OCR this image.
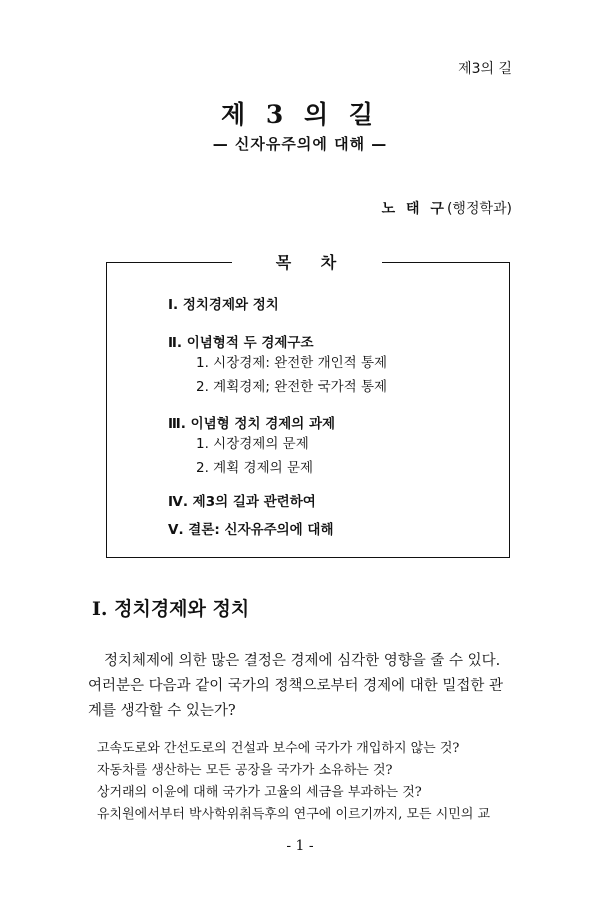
제3의 길
제 3 의 길
— 신자유주의에 대해 —
노 태 구(행정학과)
목 차
Ⅰ. 정치경제와 정치
Ⅱ. 이념형적 두 경제구조
1. 시장경제: 완전한 개인적 통제
2. 계획경제; 완전한 국가적 통제
Ⅲ. 이념형 정치 경제의 과제
1. 시장경제의 문제
2. 계획 경제의 문제
Ⅳ. 제3의 길과 관련하여
Ⅴ. 결론: 신자유주의에 대해
Ⅰ. 정치경제와 정치
정치체제에 의한 많은 결정은 경제에 심각한 영향을 줄 수 있다.
여러분은 다음과 같이 국가의 정책으로부터 경제에 대한 밀접한 관
계를 생각할 수 있는가?
고속도로와 간선도로의 건설과 보수에 국가가 개입하지 않는 것?
자동차를 생산하는 모든 공장을 국가가 소유하는 것?
상거래의 이윤에 대해 국가가 고율의 세금을 부과하는 것?
유치원에서부터 박사학위취득후의 연구에 이르기까지, 모든 시민의 교
- 1 -
